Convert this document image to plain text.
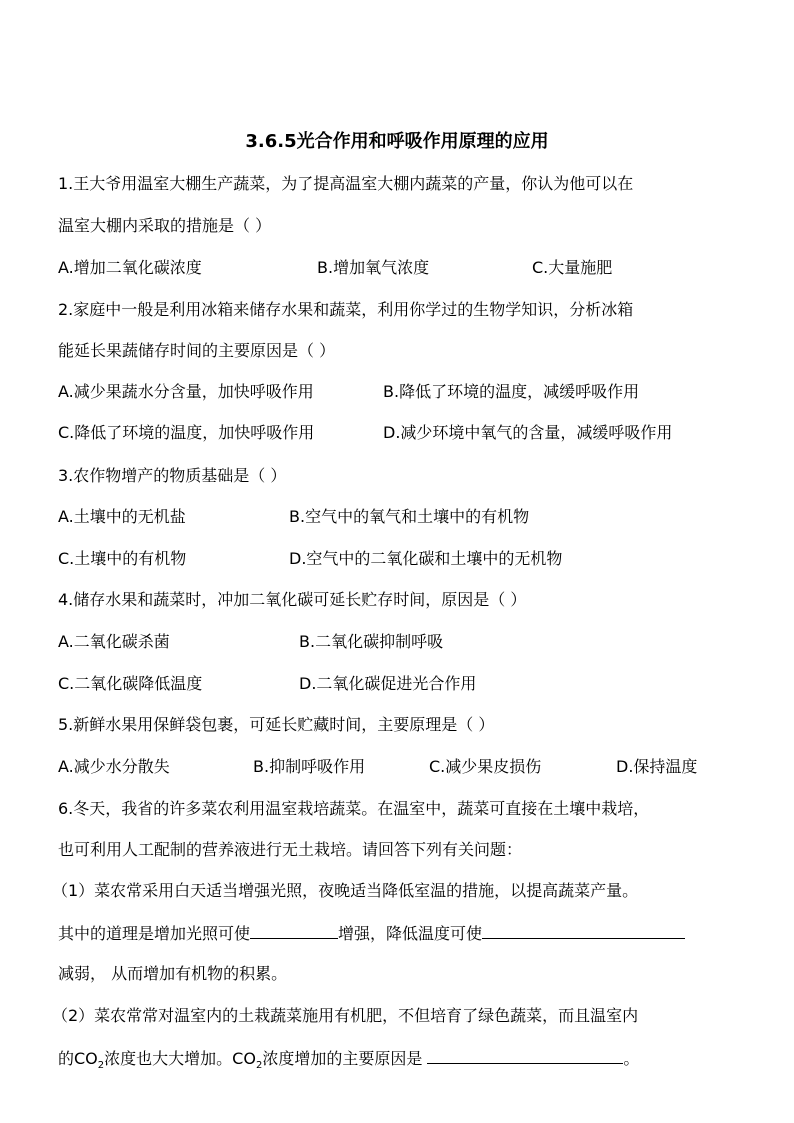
3.6.5光合作用和呼吸作用原理的应用
1.王大爷用温室大棚生产蔬菜，为了提高温室大棚内蔬菜的产量，你认为他可以在
温室大棚内采取的措施是（ ）
A.增加二氧化碳浓度	B.增加氧气浓度	C.大量施肥
2.家庭中一般是利用冰箱来储存水果和蔬菜，利用你学过的生物学知识，分析冰箱
能延长果蔬储存时间的主要原因是（ ）
A.减少果蔬水分含量，加快呼吸作用	B.降低了环境的温度，减缓呼吸作用
C.降低了环境的温度，加快呼吸作用	D.减少环境中氧气的含量，减缓呼吸作用
3.农作物增产的物质基础是（ ）
A.土壤中的无机盐	B.空气中的氧气和土壤中的有机物
C.土壤中的有机物	D.空气中的二氧化碳和土壤中的无机物
4.储存水果和蔬菜时，冲加二氧化碳可延长贮存时间，原因是（ ）
A.二氧化碳杀菌	B.二氧化碳抑制呼吸
C.二氧化碳降低温度	D.二氧化碳促进光合作用
5.新鲜水果用保鲜袋包裹，可延长贮藏时间，主要原理是（ ）
A.减少水分散失	B.抑制呼吸作用	C.减少果皮损伤	D.保持温度
6.冬天，我省的许多菜农利用温室栽培蔬菜。在温室中，蔬菜可直接在土壤中栽培，
也可利用人工配制的营养液进行无土栽培。请回答下列有关问题：
（1）菜农常采用白天适当增强光照，夜晚适当降低室温的措施，以提高蔬菜产量。
其中的道理是增加光照可使	增强，降低温度可使
减弱， 从而增加有机物的积累。
（2）菜农常常对温室内的土栽蔬菜施用有机肥，不但培育了绿色蔬菜，而且温室内
的$CO_2$浓度也大大增加。$CO_2$浓度增加的主要原因是	。
